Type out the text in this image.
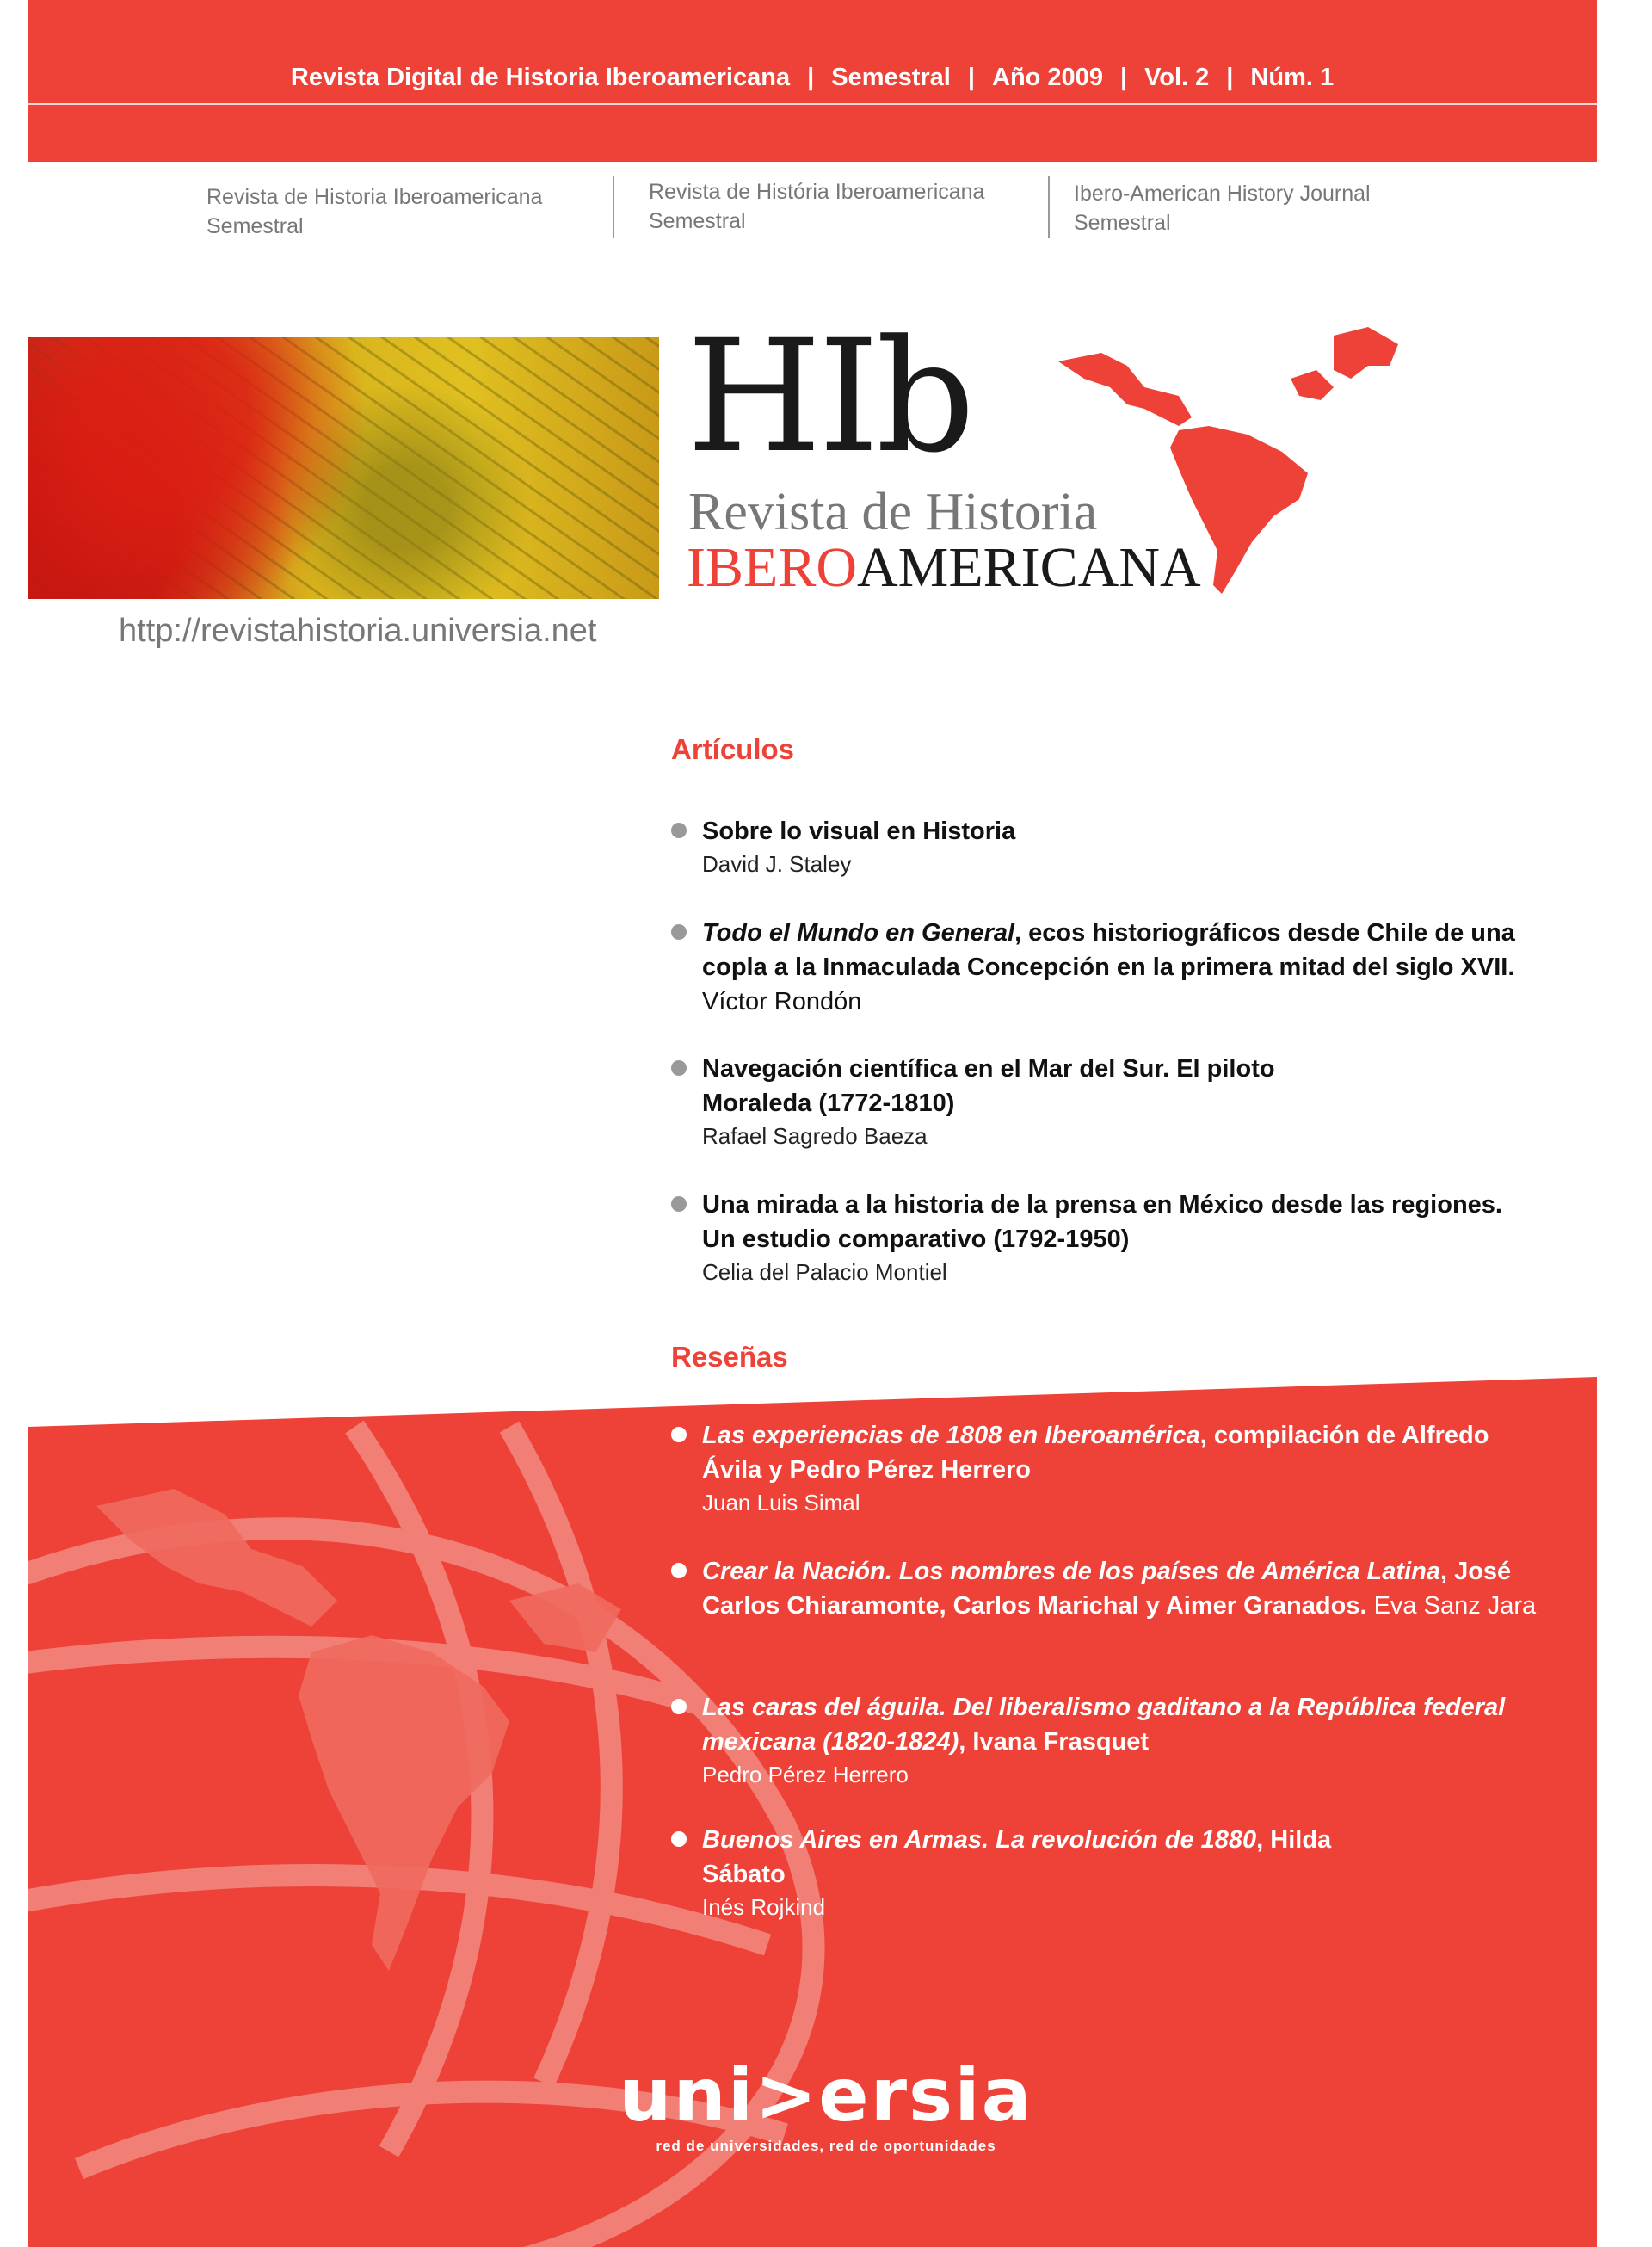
Revista Digital de Historia Iberoamericana | Semestral | Año 2009 | Vol. 2 | Núm. 1
Revista de Historia Iberoamericana
Semestral
Revista de História Iberoamericana
Semestral
Ibero-American History Journal
Semestral
HIb
Revista de Historia
IBEROAMERICANA
http://revistahistoria.universia.net
Artículos
Sobre lo visual en Historia
David J. Staley
Todo el Mundo en General, ecos historiográficos desde Chile de una copla a la Inmaculada Concepción en la primera mitad del siglo XVII. Víctor Rondón
Navegación científica en el Mar del Sur. El piloto Moraleda (1772-1810)
Rafael Sagredo Baeza
Una mirada a la historia de la prensa en México desde las regiones. Un estudio comparativo (1792-1950)
Celia del Palacio Montiel
Reseñas
Las experiencias de 1808 en Iberoamérica, compilación de Alfredo Ávila y Pedro Pérez Herrero
Juan Luis Simal
Crear la Nación. Los nombres de los países de América Latina, José Carlos Chiaramonte, Carlos Marichal y Aimer Granados. Eva Sanz Jara
Las caras del águila. Del liberalismo gaditano a la República federal mexicana (1820-1824), Ivana Frasquet
Pedro Pérez Herrero
Buenos Aires en Armas. La revolución de 1880, Hilda Sábato
Inés Rojkind
uni>ersia
red de universidades, red de oportunidades
